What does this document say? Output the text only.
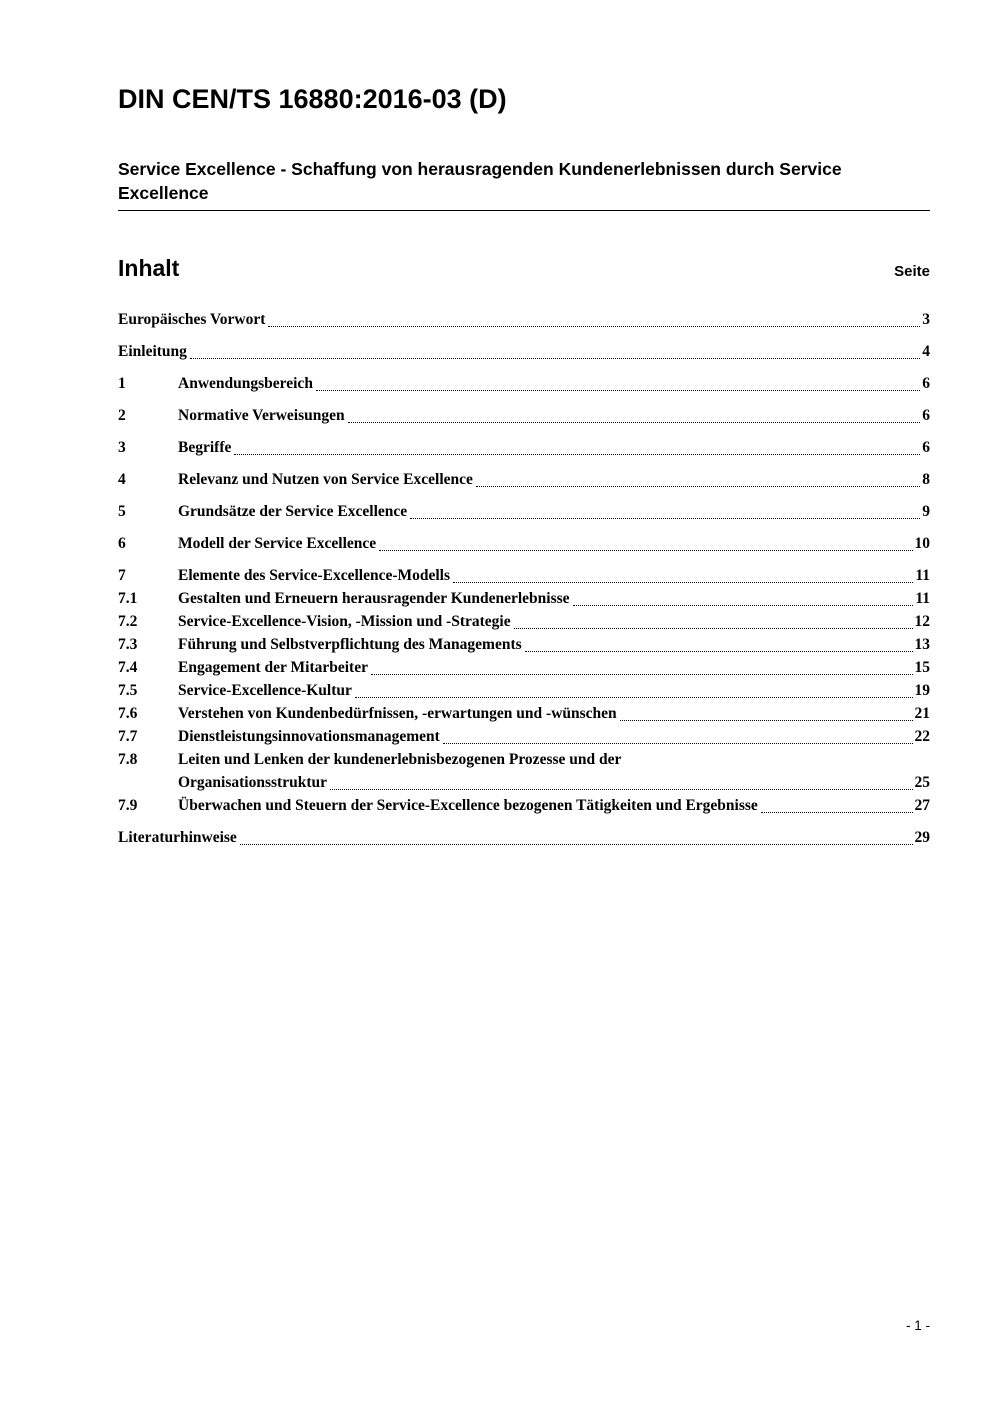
DIN CEN/TS 16880:2016-03 (D)
Service Excellence - Schaffung von herausragenden Kundenerlebnissen durch Service Excellence
Inhalt	Seite
Europäisches Vorwort	3
Einleitung	4
1	Anwendungsbereich	6
2	Normative Verweisungen	6
3	Begriffe	6
4	Relevanz und Nutzen von Service Excellence	8
5	Grundsätze der Service Excellence	9
6	Modell der Service Excellence	10
7	Elemente des Service-Excellence-Modells	11
7.1	Gestalten und Erneuern herausragender Kundenerlebnisse	11
7.2	Service-Excellence-Vision, -Mission und -Strategie	12
7.3	Führung und Selbstverpflichtung des Managements	13
7.4	Engagement der Mitarbeiter	15
7.5	Service-Excellence-Kultur	19
7.6	Verstehen von Kundenbedürfnissen, -erwartungen und -wünschen	21
7.7	Dienstleistungsinnovationsmanagement	22
7.8	Leiten und Lenken der kundenerlebnisbezogenen Prozesse und der
Organisationsstruktur	25
7.9	Überwachen und Steuern der Service-Excellence bezogenen Tätigkeiten und Ergebnisse	27
Literaturhinweise	29
- 1 -
